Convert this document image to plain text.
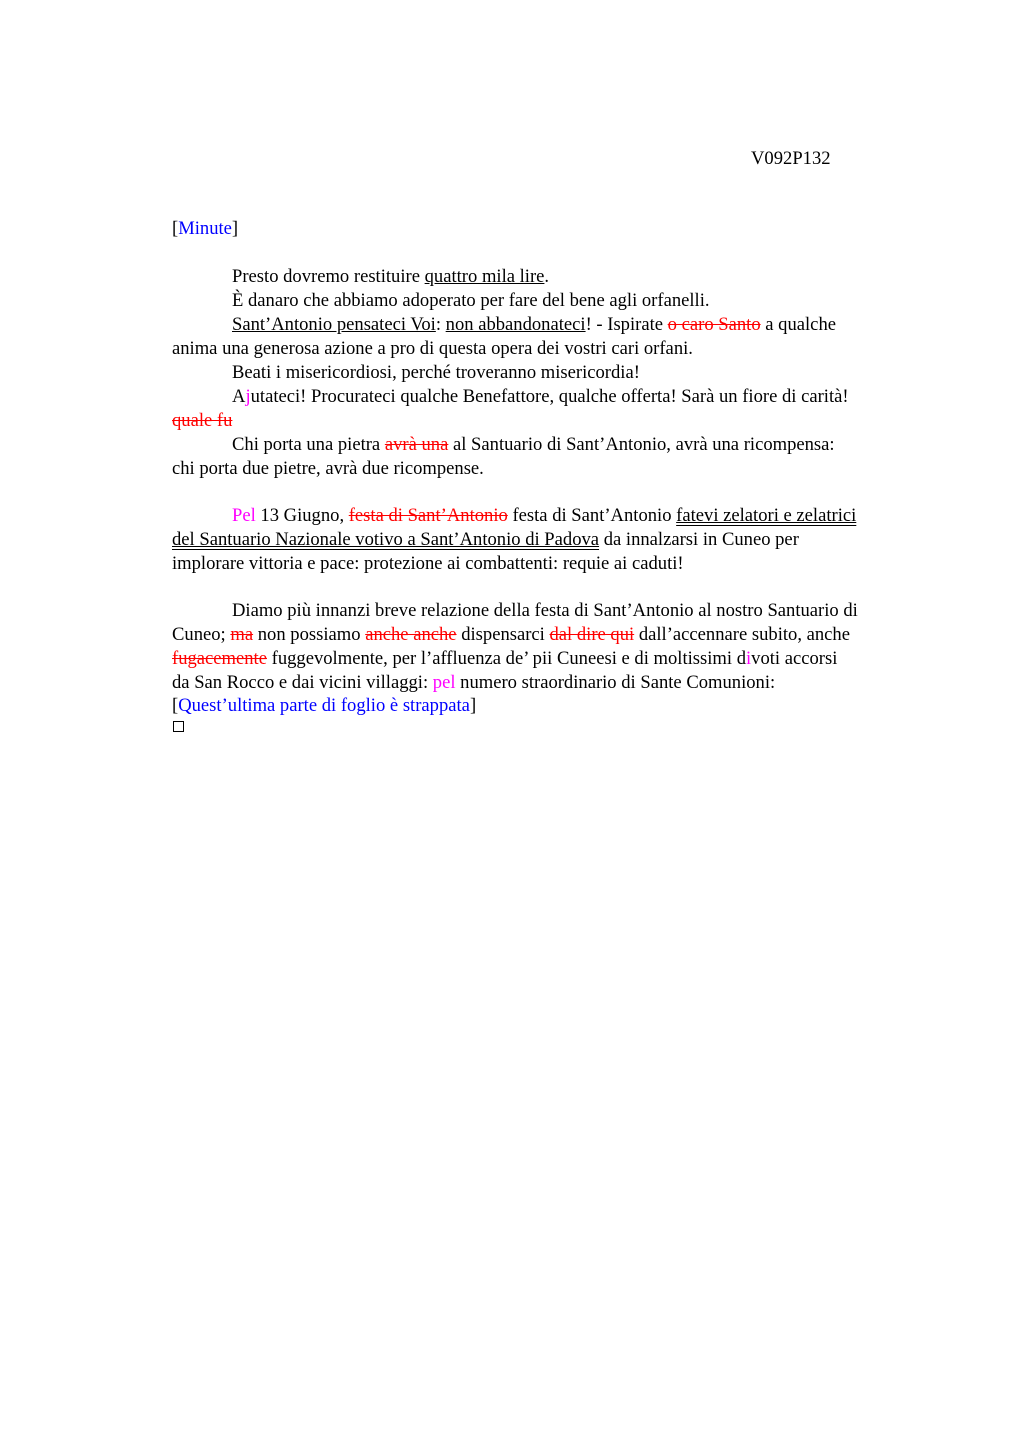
V092P132
[Minute]
Presto dovremo restituire quattro mila lire.
È danaro che abbiamo adoperato per fare del bene agli orfanelli.
Sant’Antonio pensateci Voi: non abbandonateci! - Ispirate o caro Santo a qualche
anima una generosa azione a pro di questa opera dei vostri cari orfani.
Beati i misericordiosi, perché troveranno misericordia!
Ajutateci! Procurateci qualche Benefattore, qualche offerta! Sarà un fiore di carità!
quale fu
Chi porta una pietra avrà una al Santuario di Sant’Antonio, avrà una ricompensa:
chi porta due pietre, avrà due ricompense.
Pel 13 Giugno, festa di Sant’Antonio festa di Sant’Antonio fatevi zelatori e zelatrici
del Santuario Nazionale votivo a Sant’Antonio di Padova da innalzarsi in Cuneo per
implorare vittoria e pace: protezione ai combattenti: requie ai caduti!
Diamo più innanzi breve relazione della festa di Sant’Antonio al nostro Santuario di
Cuneo; ma non possiamo anche anche dispensarci dal dire qui dall’accennare subito, anche
fugacemente fuggevolmente, per l’affluenza de’ pii Cuneesi e di moltissimi divoti accorsi
da San Rocco e dai vicini villaggi: pel numero straordinario di Sante Comunioni:
[Quest’ultima parte di foglio è strappata]
